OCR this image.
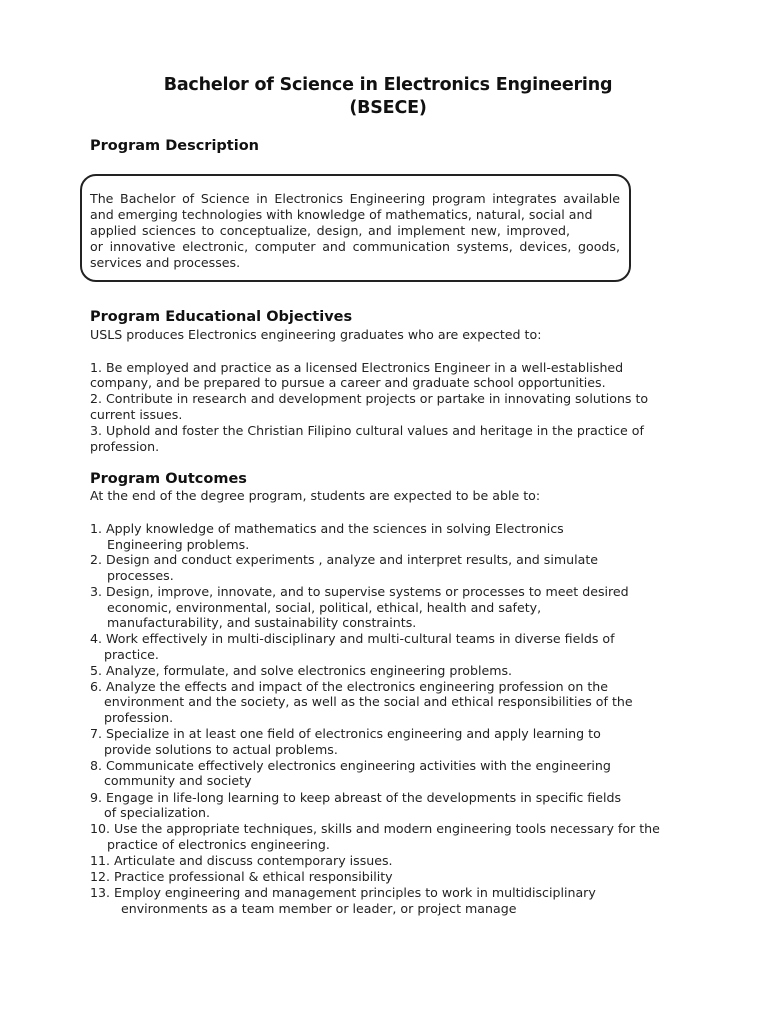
Bachelor of Science in Electronics Engineering
(BSECE)
Program Description
The Bachelor of Science in Electronics Engineering program integrates available
and emerging technologies with knowledge of mathematics, natural, social and
applied sciences to conceptualize, design, and implement new, improved,
or innovative electronic, computer and communication systems, devices, goods,
services and processes.
Program Educational Objectives
USLS produces Electronics engineering graduates who are expected to:
1. Be employed and practice as a licensed Electronics Engineer in a well-established
company, and be prepared to pursue a career and graduate school opportunities.
2. Contribute in research and development projects or partake in innovating solutions to
current issues.
3. Uphold and foster the Christian Filipino cultural values and heritage in the practice of
profession.
Program Outcomes
At the end of the degree program, students are expected to be able to:
1. Apply knowledge of mathematics and the sciences in solving Electronics
Engineering problems.
2. Design and conduct experiments , analyze and interpret results, and simulate
processes.
3. Design, improve, innovate, and to supervise systems or processes to meet desired
economic, environmental, social, political, ethical, health and safety,
manufacturability, and sustainability constraints.
4. Work effectively in multi-disciplinary and multi-cultural teams in diverse fields of
practice.
5. Analyze, formulate, and solve electronics engineering problems.
6. Analyze the effects and impact of the electronics engineering profession on the
environment and the society, as well as the social and ethical responsibilities of the
profession.
7. Specialize in at least one field of electronics engineering and apply learning to
provide solutions to actual problems.
8. Communicate effectively electronics engineering activities with the engineering
community and society
9. Engage in life-long learning to keep abreast of the developments in specific fields
of specialization.
10. Use the appropriate techniques, skills and modern engineering tools necessary for the
practice of electronics engineering.
11. Articulate and discuss contemporary issues.
12. Practice professional & ethical responsibility
13. Employ engineering and management principles to work in multidisciplinary
environments as a team member or leader, or project manage
